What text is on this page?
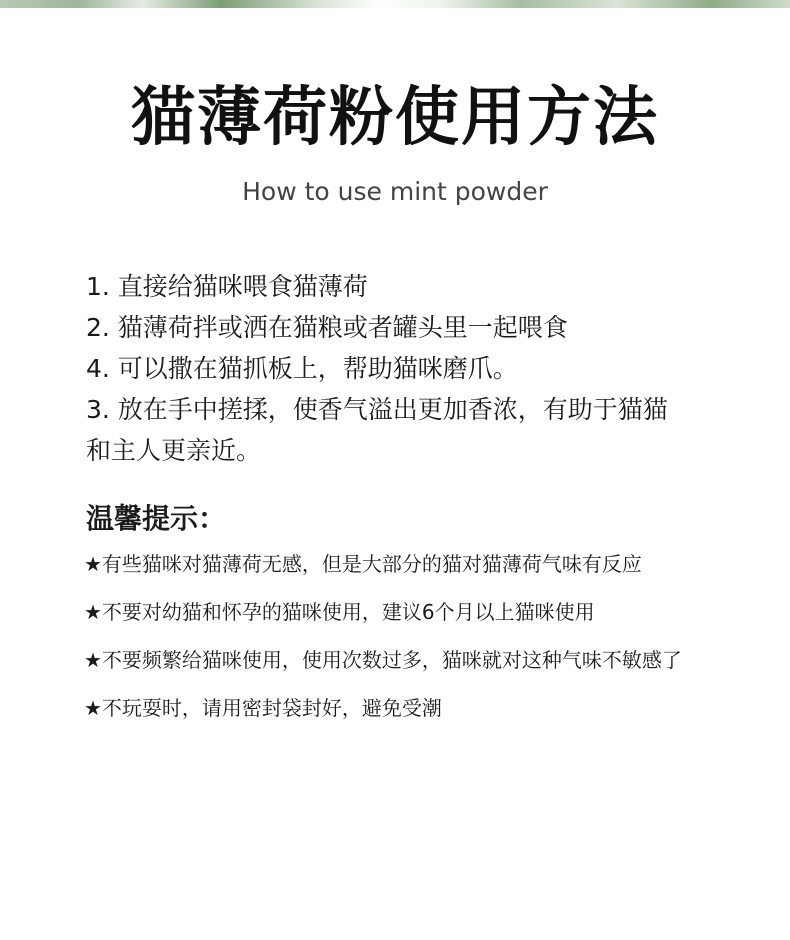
猫薄荷粉使用方法

How to use mint powder

1. 直接给猫咪喂食猫薄荷
2. 猫薄荷拌或洒在猫粮或者罐头里一起喂食
4. 可以撒在猫抓板上，帮助猫咪磨爪。
3. 放在手中搓揉，使香气溢出更加香浓，有助于猫猫
和主人更亲近。
温馨提示：
★有些猫咪对猫薄荷无感，但是大部分的猫对猫薄荷气味有反应
★不要对幼猫和怀孕的猫咪使用，建议6个月以上猫咪使用
★不要频繁给猫咪使用，使用次数过多，猫咪就对这种气味不敏感了
★不玩耍时，请用密封袋封好，避免受潮
